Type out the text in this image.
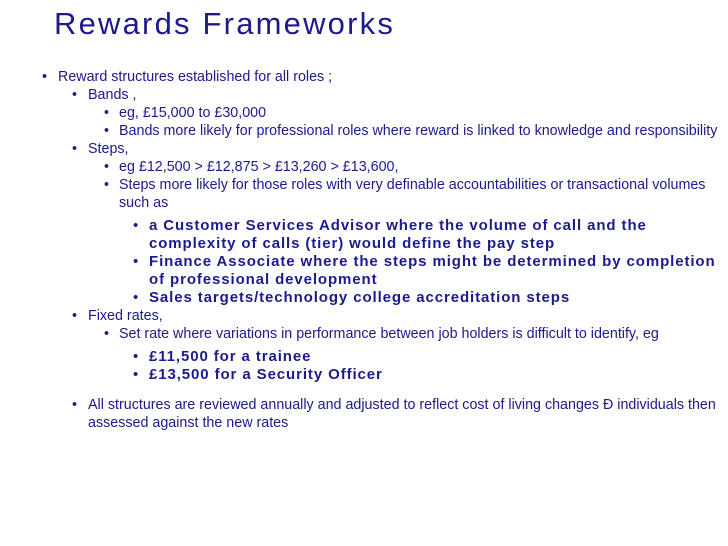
Rewards Frameworks
• Reward structures established for all roles ;
• Bands ,
• eg, £15,000 to £30,000
• Bands more likely for professional roles where reward is linked to knowledge and responsibility
• Steps,
• eg £12,500 > £12,875 > £13,260 > £13,600,
• Steps more likely for those roles with very definable accountabilities or transactional volumes such as
• a Customer Services Advisor where the volume of call and the complexity of calls (tier) would define the pay step
• Finance Associate where the steps might be determined by completion of professional development
• Sales targets/technology college accreditation steps
• Fixed rates,
• Set rate where variations in performance between job holders is difficult to identify, eg
• £11,500 for a trainee
• £13,500 for a Security Officer
• All structures are reviewed annually and adjusted to reflect cost of living changes Ð individuals then assessed against the new rates
